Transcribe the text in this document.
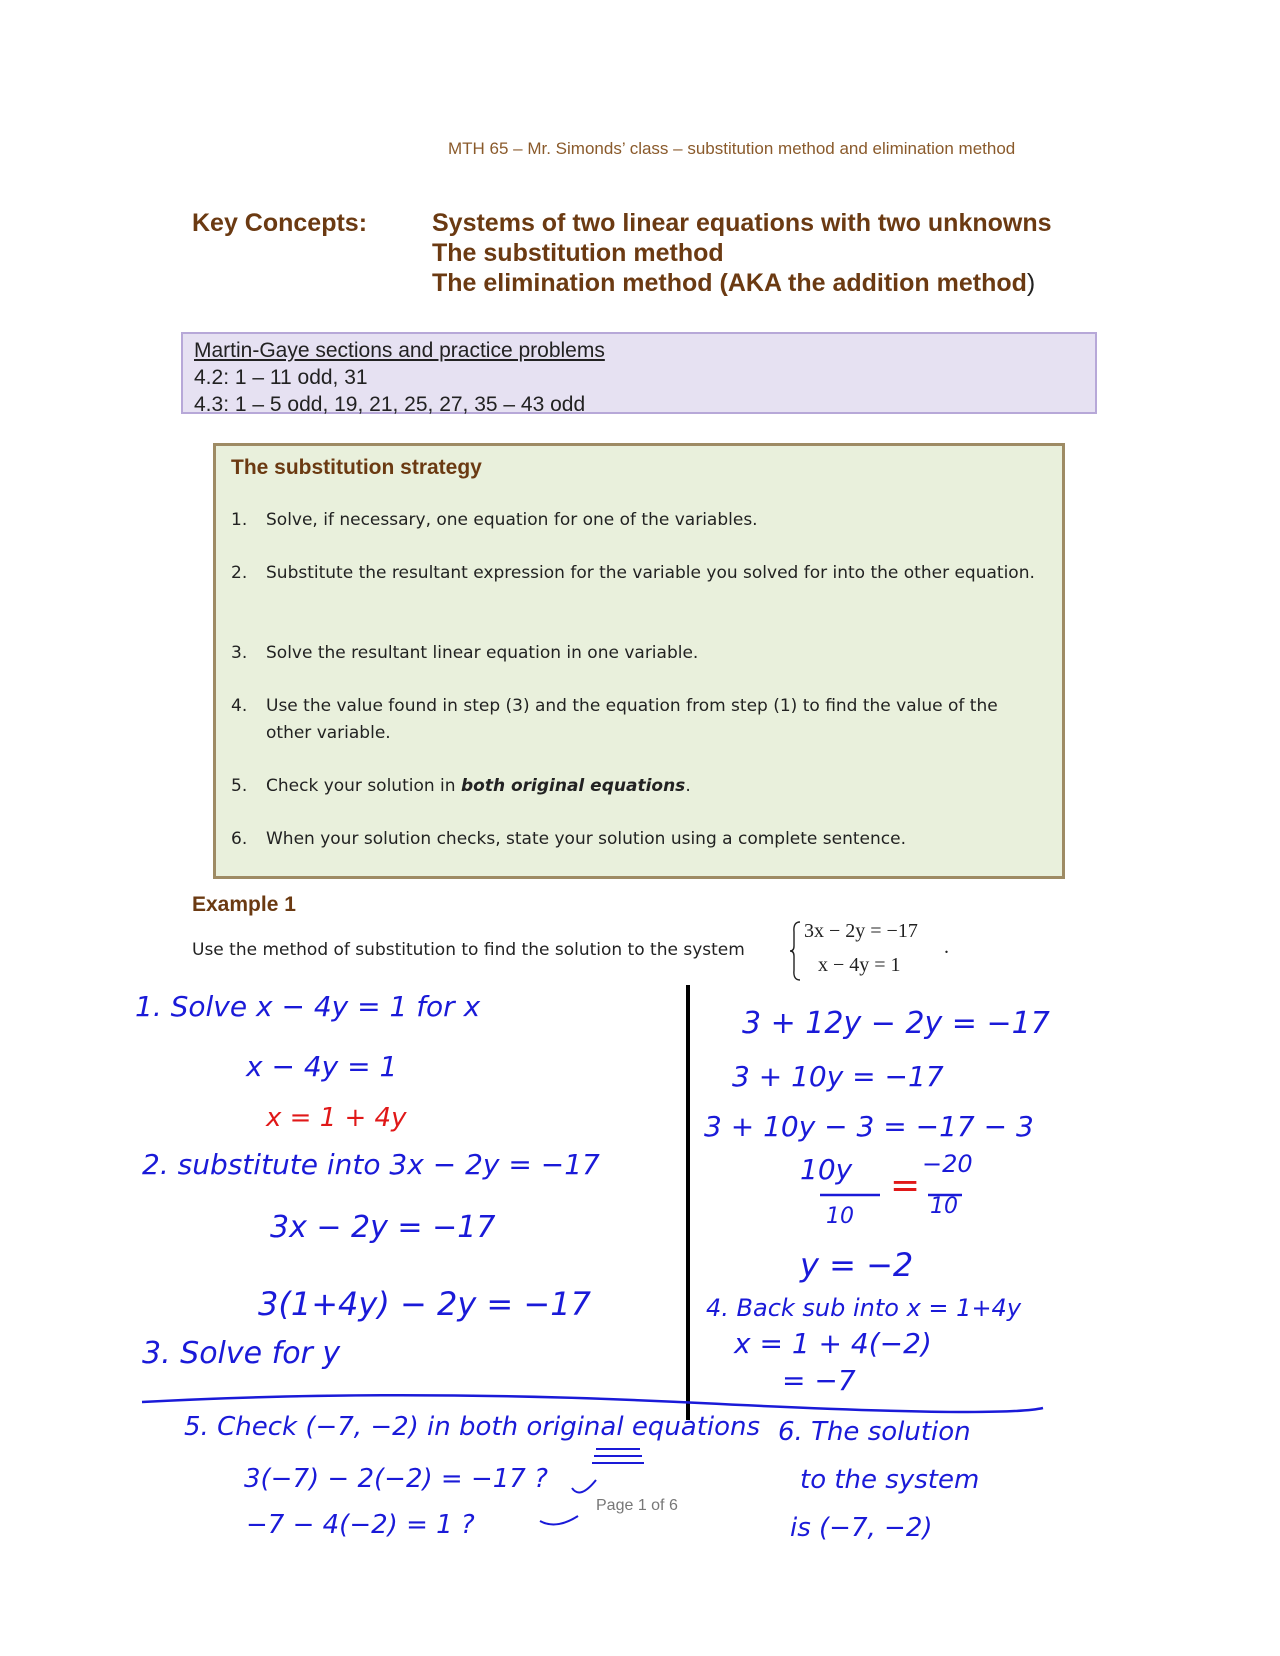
MTH 65 – Mr. Simonds’ class – substitution method and elimination method
Key Concepts:	Systems of two linear equations with two unknowns
The substitution method
The elimination method (AKA the addition method)
Martin-Gaye sections and practice problems
4.2: 1 – 11 odd, 31
4.3: 1 – 5 odd, 19, 21, 25, 27, 35 – 43 odd
The substitution strategy
1.	Solve, if necessary, one equation for one of the variables.
2.	Substitute the resultant expression for the variable you solved for into the other equation.
3.	Solve the resultant linear equation in one variable.
4.	Use the value found in step (3) and the equation from step (1) to find the value of the other variable.
5.	Check your solution in both original equations.
6.	When your solution checks, state your solution using a complete sentence.
Example 1
Use the method of substitution to find the solution to the system
3x − 2y = −17
x − 4y = 1
.
1. Solve x − 4y = 1 for x
x − 4y = 1
x = 1 + 4y
2. substitute into 3x − 2y = −17
3x − 2y = −17
3(1+4y) − 2y = −17
3. Solve for y
3 + 12y − 2y = −17
3 + 10y = −17
3 + 10y − 3 = −17 − 3
10y =
−20
10	10
y = −2
4. Back sub into x = 1+4y
x = 1 + 4(−2)
= −7
5. Check (−7, −2) in both original equations
3(−7) − 2(−2) = −17 ?
−7 − 4(−2) = 1 ?
6. The solution
to the system
is (−7, −2)
Page 1 of 6
